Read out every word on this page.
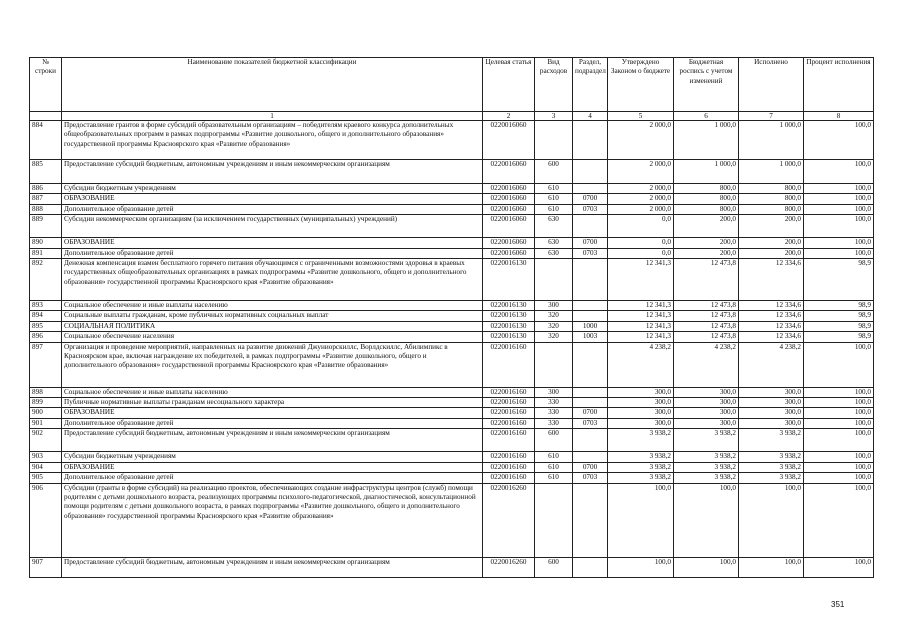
№ строки	Наименование показателей бюджетной классификации	Целевая статья	Вид расходов	Раздел, подраздел	Утверждено Законом о бюджете	Бюджетная роспись с учетом изменений	Исполнено	Процент исполнения
	1	2	3	4	5	6	7	8
884	Предоставление грантов в форме субсидий образовательным организациям – победителям краевого конкурса дополнительных общеобразовательных программ в рамках подпрограммы «Развитие дошкольного, общего и дополнительного образования» государственной программы Красноярского края «Развитие образования»	0220016060			2 000,0	1 000,0	1 000,0	100,0
885	Предоставление субсидий бюджетным, автономным учреждениям и иным некоммерческим организациям	0220016060	600		2 000,0	1 000,0	1 000,0	100,0
886	Субсидии бюджетным учреждениям	0220016060	610		2 000,0	800,0	800,0	100,0
887	ОБРАЗОВАНИЕ	0220016060	610	0700	2 000,0	800,0	800,0	100,0
888	Дополнительное образование детей	0220016060	610	0703	2 000,0	800,0	800,0	100,0
889	Субсидии некоммерческим организациям (за исключением государственных (муниципальных) учреждений)	0220016060	630		0,0	200,0	200,0	100,0
890	ОБРАЗОВАНИЕ	0220016060	630	0700	0,0	200,0	200,0	100,0
891	Дополнительное образование детей	0220016060	630	0703	0,0	200,0	200,0	100,0
892	Денежная компенсация взамен бесплатного горячего питания обучающимся с ограниченными возможностями здоровья в краевых государственных общеобразовательных организациях в рамках подпрограммы «Развитие дошкольного, общего и дополнительного образования» государственной программы Красноярского края «Развитие образования»	0220016130			12 341,3	12 473,8	12 334,6	98,9
893	Социальное обеспечение и иные выплаты населению	0220016130	300		12 341,3	12 473,8	12 334,6	98,9
894	Социальные выплаты гражданам, кроме публичных нормативных социальных выплат	0220016130	320		12 341,3	12 473,8	12 334,6	98,9
895	СОЦИАЛЬНАЯ ПОЛИТИКА	0220016130	320	1000	12 341,3	12 473,8	12 334,6	98,9
896	Социальное обеспечение населения	0220016130	320	1003	12 341,3	12 473,8	12 334,6	98,9
897	Организация и проведение мероприятий, направленных на развитие движений Джуниорскиллс, Ворлдскиллс, Абилимпикс в Красноярском крае, включая награждение их победителей, в рамках подпрограммы «Развитие дошкольного, общего и дополнительного образования» государственной программы Красноярского края «Развитие образования»	0220016160			4 238,2	4 238,2	4 238,2	100,0
898	Социальное обеспечение и иные выплаты населению	0220016160	300		300,0	300,0	300,0	100,0
899	Публичные нормативные выплаты гражданам несоциального характера	0220016160	330		300,0	300,0	300,0	100,0
900	ОБРАЗОВАНИЕ	0220016160	330	0700	300,0	300,0	300,0	100,0
901	Дополнительное образование детей	0220016160	330	0703	300,0	300,0	300,0	100,0
902	Предоставление субсидий бюджетным, автономным учреждениям и иным некоммерческим организациям	0220016160	600		3 938,2	3 938,2	3 938,2	100,0
903	Субсидии бюджетным учреждениям	0220016160	610		3 938,2	3 938,2	3 938,2	100,0
904	ОБРАЗОВАНИЕ	0220016160	610	0700	3 938,2	3 938,2	3 938,2	100,0
905	Дополнительное образование детей	0220016160	610	0703	3 938,2	3 938,2	3 938,2	100,0
906	Субсидии (гранты в форме субсидий) на реализацию проектов, обеспечивающих создание инфраструктуры центров (служб) помощи родителям с детьми дошкольного возраста, реализующих программы психолого-педагогической, диагностической, консультационной помощи родителям с детьми дошкольного возраста, в рамках подпрограммы «Развитие дошкольного, общего и дополнительного образования» государственной программы Красноярского края «Развитие образования»	0220016260			100,0	100,0	100,0	100,0
907	Предоставление субсидий бюджетным, автономным учреждениям и иным некоммерческим организациям	0220016260	600		100,0	100,0	100,0	100,0
351
